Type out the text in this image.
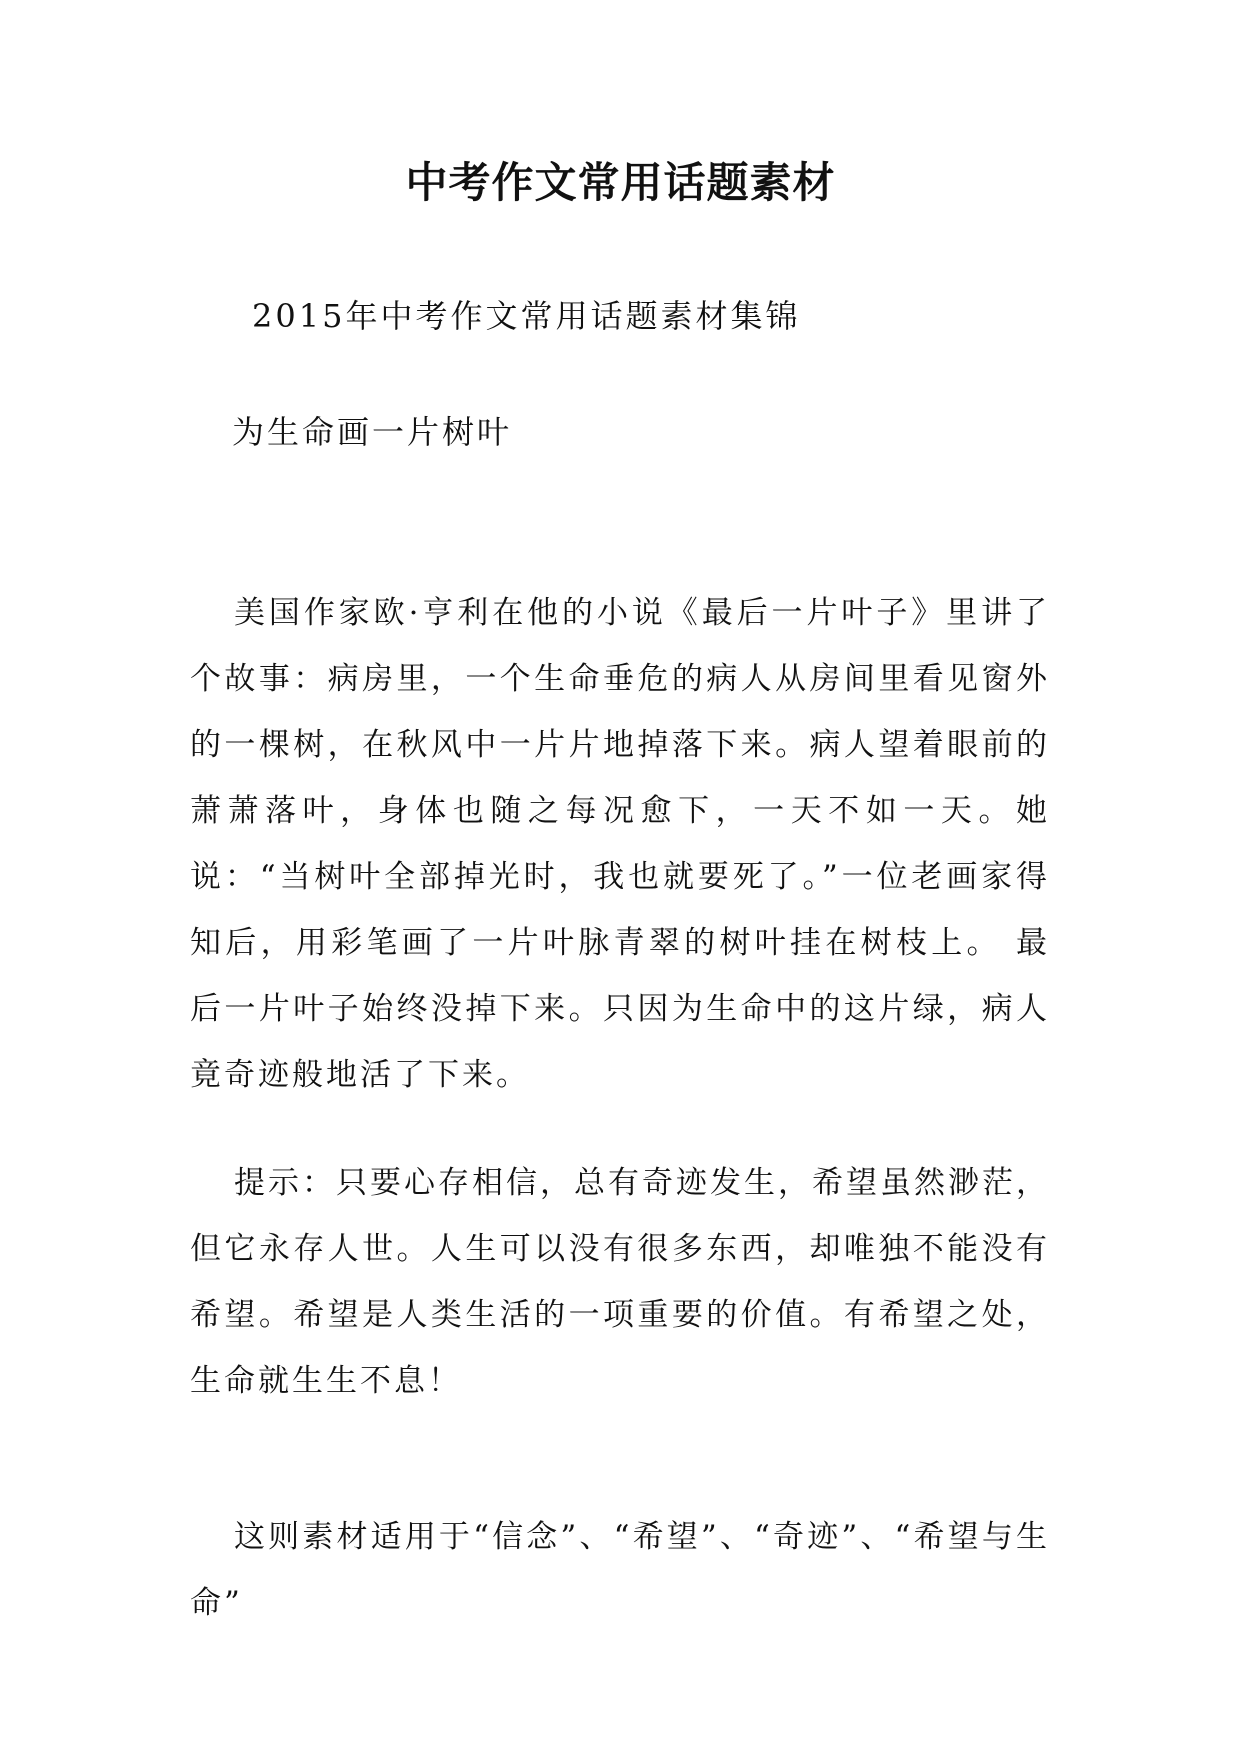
中考作文常用话题素材

2015年中考作文常用话题素材集锦

为生命画一片树叶

美国作家欧·亨利在他的小说《最后一片叶子》里讲了个故事：病房里，一个生命垂危的病人从房间里看见窗外的一棵树，在秋风中一片片地掉落下来。病人望着眼前的萧萧落叶，身体也随之每况愈下，一天不如一天。她说：“当树叶全部掉光时，我也就要死了。”一位老画家得知后，用彩笔画了一片叶脉青翠的树叶挂在树枝上。 最后一片叶子始终没掉下来。只因为生命中的这片绿，病人竟奇迹般地活了下来。

提示：只要心存相信，总有奇迹发生，希望虽然渺茫，但它永存人世。人生可以没有很多东西，却唯独不能没有希望。希望是人类生活的一项重要的价值。有希望之处，生命就生生不息！

这则素材适用于“信念”、“希望”、“奇迹”、“希望与生命”
